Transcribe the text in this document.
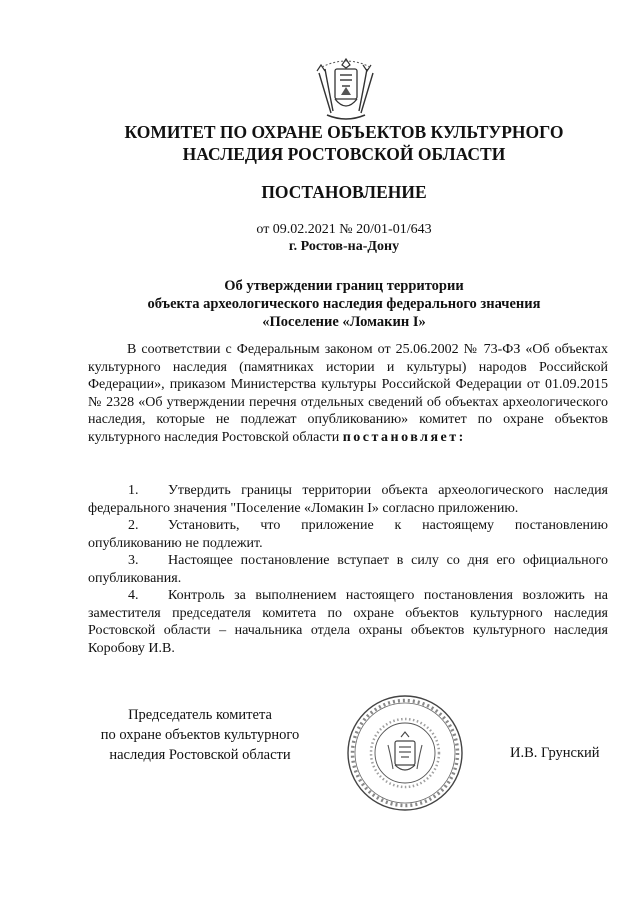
КОМИТЕТ ПО ОХРАНЕ ОБЪЕКТОВ КУЛЬТУРНОГО
НАСЛЕДИЯ РОСТОВСКОЙ ОБЛАСТИ
ПОСТАНОВЛЕНИЕ
от 09.02.2021 № 20/01-01/643
г. Ростов-на-Дону
Об утверждении границ территории
объекта археологического наследия федерального значения
«Поселение «Ломакин I»
В соответствии с Федеральным законом от 25.06.2002 № 73-ФЗ «Об объектах культурного наследия (памятниках истории и культуры) народов Российской Федерации», приказом Министерства культуры Российской Федерации от 01.09.2015 № 2328 «Об утверждении перечня отдельных сведений об объектах археологического наследия, которые не подлежат опубликованию» комитет по охране объектов культурного наследия Ростовской области постановляет:
1. Утвердить границы территории объекта археологического наследия федерального значения "Поселение «Ломакин I» согласно приложению.
2. Установить, что приложение к настоящему постановлению опубликованию не подлежит.
3. Настоящее постановление вступает в силу со дня его официального опубликования.
4. Контроль за выполнением настоящего постановления возложить на заместителя председателя комитета по охране объектов культурного наследия Ростовской области – начальника отдела охраны объектов культурного наследия Коробову И.В.
Председатель комитета
по охране объектов культурного
наследия Ростовской области	И.В. Грунский
